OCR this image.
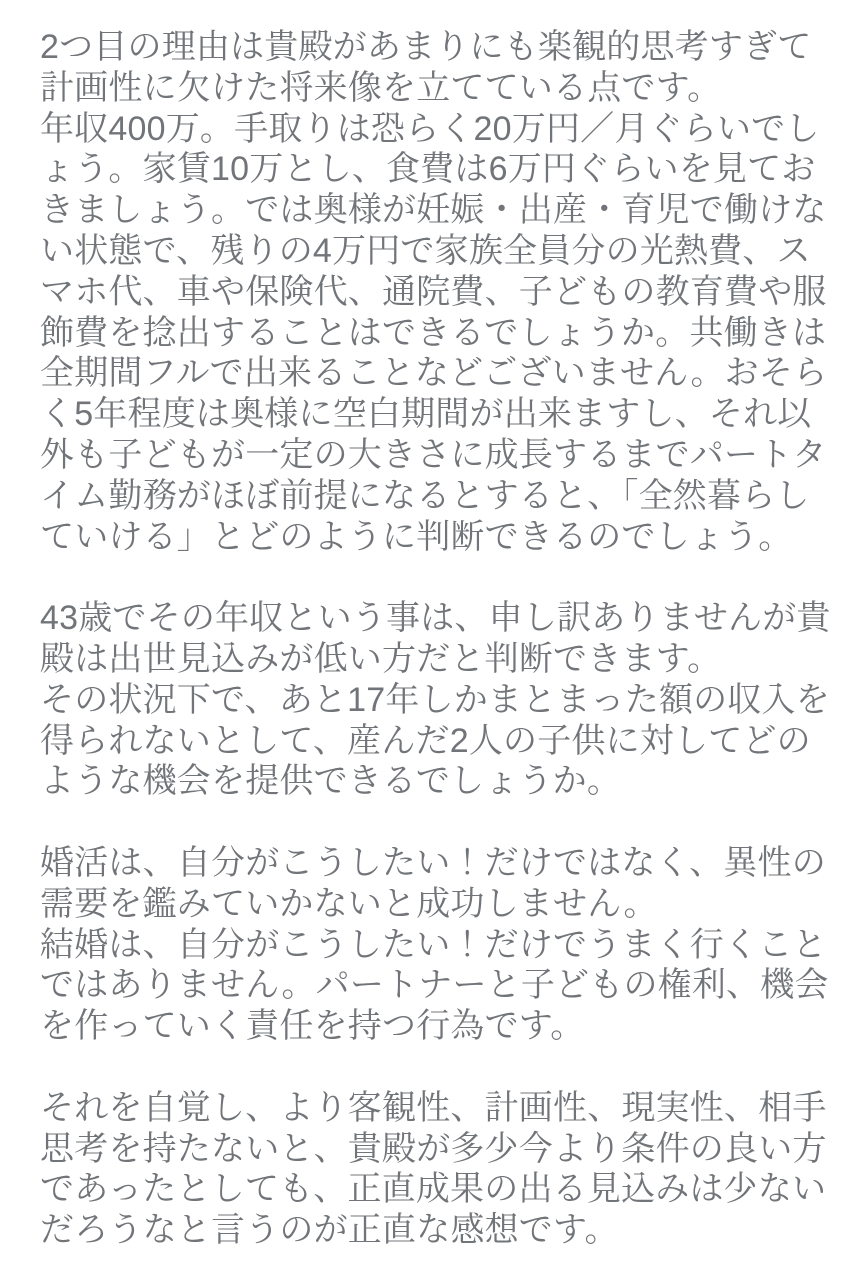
2つ目の理由は貴殿があまりにも楽観的思考すぎて
計画性に欠けた将来像を立てている点です。
年収400万。手取りは恐らく20万円／月ぐらいでし
ょう。家賃10万とし、食費は6万円ぐらいを見てお
きましょう。では奥様が妊娠・出産・育児で働けな
い状態で、残りの4万円で家族全員分の光熱費、ス
マホ代、車や保険代、通院費、子どもの教育費や服
飾費を捻出することはできるでしょうか。共働きは
全期間フルで出来ることなどございません。おそら
く5年程度は奥様に空白期間が出来ますし、それ以
外も子どもが一定の大きさに成長するまでパートタ
イム勤務がほぼ前提になるとすると、「全然暮らし
ていける」とどのように判断できるのでしょう。
43歳でその年収という事は、申し訳ありませんが貴
殿は出世見込みが低い方だと判断できます。
その状況下で、あと17年しかまとまった額の収入を
得られないとして、産んだ2人の子供に対してどの
ような機会を提供できるでしょうか。
婚活は、自分がこうしたい！だけではなく、異性の
需要を鑑みていかないと成功しません。
結婚は、自分がこうしたい！だけでうまく行くこと
ではありません。パートナーと子どもの権利、機会
を作っていく責任を持つ行為です。
それを自覚し、より客観性、計画性、現実性、相手
思考を持たないと、貴殿が多少今より条件の良い方
であったとしても、正直成果の出る見込みは少ない
だろうなと言うのが正直な感想です。
